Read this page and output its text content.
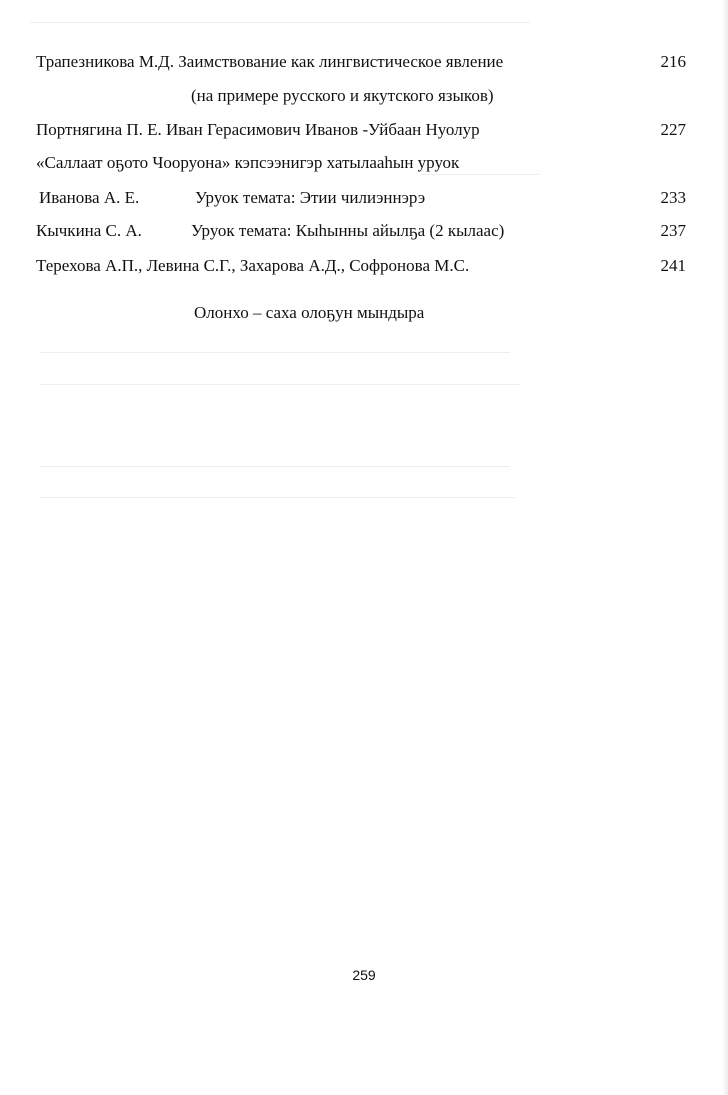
Трапезникова М.Д. Заимствование как лингвистическое явление	216
(на примере русского и якутского языков)
Портнягина П. Е. Иван Герасимович Иванов -Уйбаан Нуолур	227
«Саллаат оҕото Чооруона» кэпсээнигэр хатылааһын уруок
Иванова А. Е.	Уруок темата: Этии чилиэннэрэ	233
Кычкина С. А.	Уруок темата: Кыһынны айылҕа (2 кылаас)	237
Терехова А.П., Левина С.Г., Захарова А.Д., Софронова М.С.	241
Олонхо – саха олоҕун мындыра
259
